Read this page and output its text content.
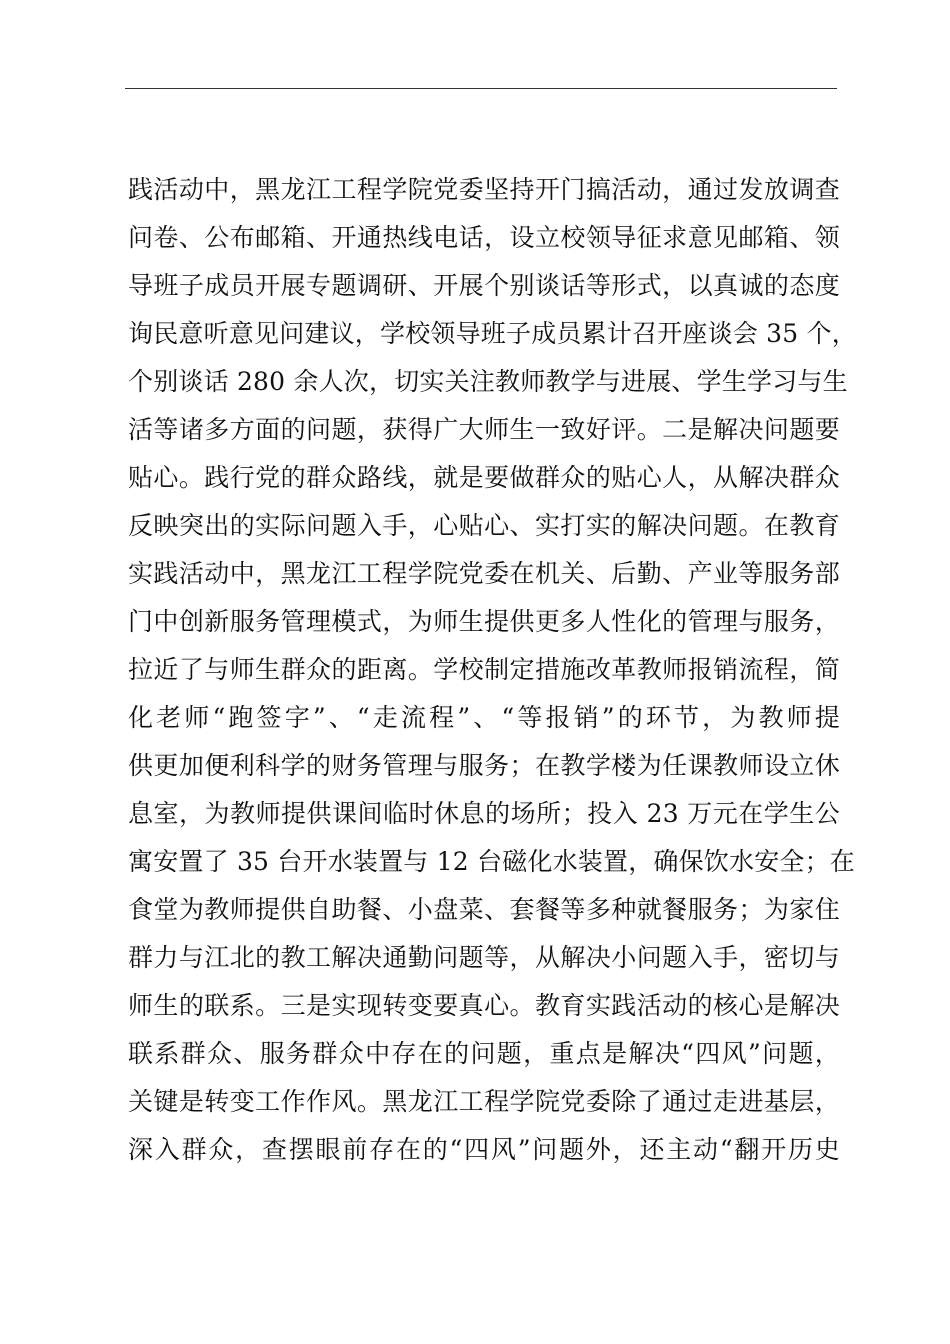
践活动中，黑龙江工程学院党委坚持开门搞活动，通过发放调查
问卷、公布邮箱、开通热线电话，设立校领导征求意见邮箱、领
导班子成员开展专题调研、开展个别谈话等形式，以真诚的态度
询民意听意见问建议，学校领导班子成员累计召开座谈会 35 个，
个别谈话 280 余人次，切实关注教师教学与进展、学生学习与生
活等诸多方面的问题，获得广大师生一致好评。二是解决问题要
贴心。践行党的群众路线，就是要做群众的贴心人，从解决群众
反映突出的实际问题入手，心贴心、实打实的解决问题。在教育
实践活动中，黑龙江工程学院党委在机关、后勤、产业等服务部
门中创新服务管理模式，为师生提供更多人性化的管理与服务，
拉近了与师生群众的距离。学校制定措施改革教师报销流程，简
化老师“跑签字”、“走流程”、“等报销”的环节，为教师提
供更加便利科学的财务管理与服务；在教学楼为任课教师设立休
息室，为教师提供课间临时休息的场所；投入 23 万元在学生公
寓安置了 35 台开水装置与 12 台磁化水装置，确保饮水安全；在
食堂为教师提供自助餐、小盘菜、套餐等多种就餐服务；为家住
群力与江北的教工解决通勤问题等，从解决小问题入手，密切与
师生的联系。三是实现转变要真心。教育实践活动的核心是解决
联系群众、服务群众中存在的问题，重点是解决“四风”问题，
关键是转变工作作风。黑龙江工程学院党委除了通过走进基层，
深入群众，查摆眼前存在的“四风”问题外，还主动“翻开历史
